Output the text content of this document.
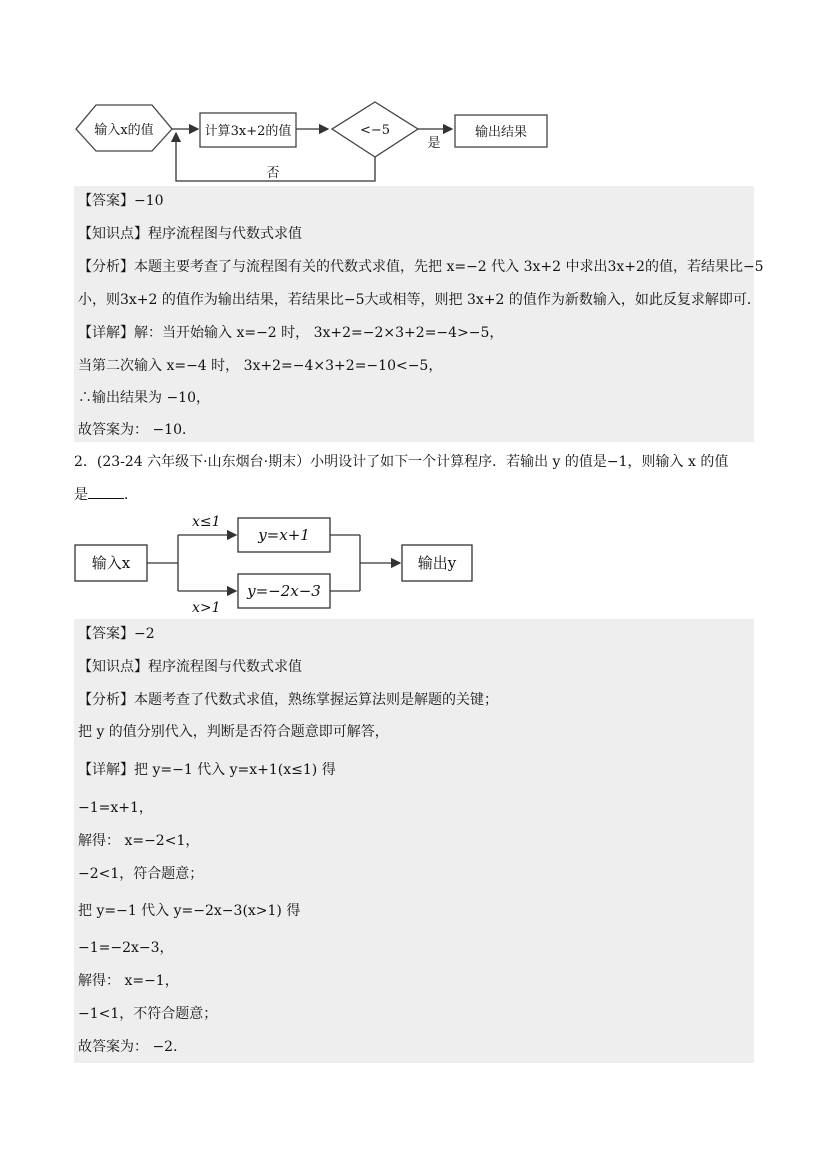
输入x的值	计算3x+2的值	<−5
是
输出结果
否
【答案】−10
【知识点】程序流程图与代数式求值
【分析】本题主要考查了与流程图有关的代数式求值，先把 x=−2 代入 3x+2 中求出3x+2的值，若结果比−5
小，则3x+2 的值作为输出结果，若结果比−5大或相等，则把 3x+2 的值作为新数输入，如此反复求解即可．
【详解】解：当开始输入 x=−2 时， 3x+2=−2×3+2=−4>−5，
当第二次输入 x=−4 时， 3x+2=−4×3+2=−10<−5，
∴输出结果为 −10，
故答案为： −10．
2．(23-24 六年级下·山东烟台·期末）小明设计了如下一个计算程序．若输出 y 的值是−1，则输入 x 的值
是	．
输入x
x≤1
x>1
y=x+1
y=−2x−3
输出y
【答案】−2
【知识点】程序流程图与代数式求值
【分析】本题考查了代数式求值，熟练掌握运算法则是解题的关键；
把 y 的值分别代入，判断是否符合题意即可解答，
【详解】把 y=−1 代入 y=x+1(x≤1) 得
−1=x+1，
解得： x=−2<1，
−2<1，符合题意；
把 y=−1 代入 y=−2x−3(x>1) 得
−1=−2x−3，
解得： x=−1，
−1<1，不符合题意；
故答案为： −2．
